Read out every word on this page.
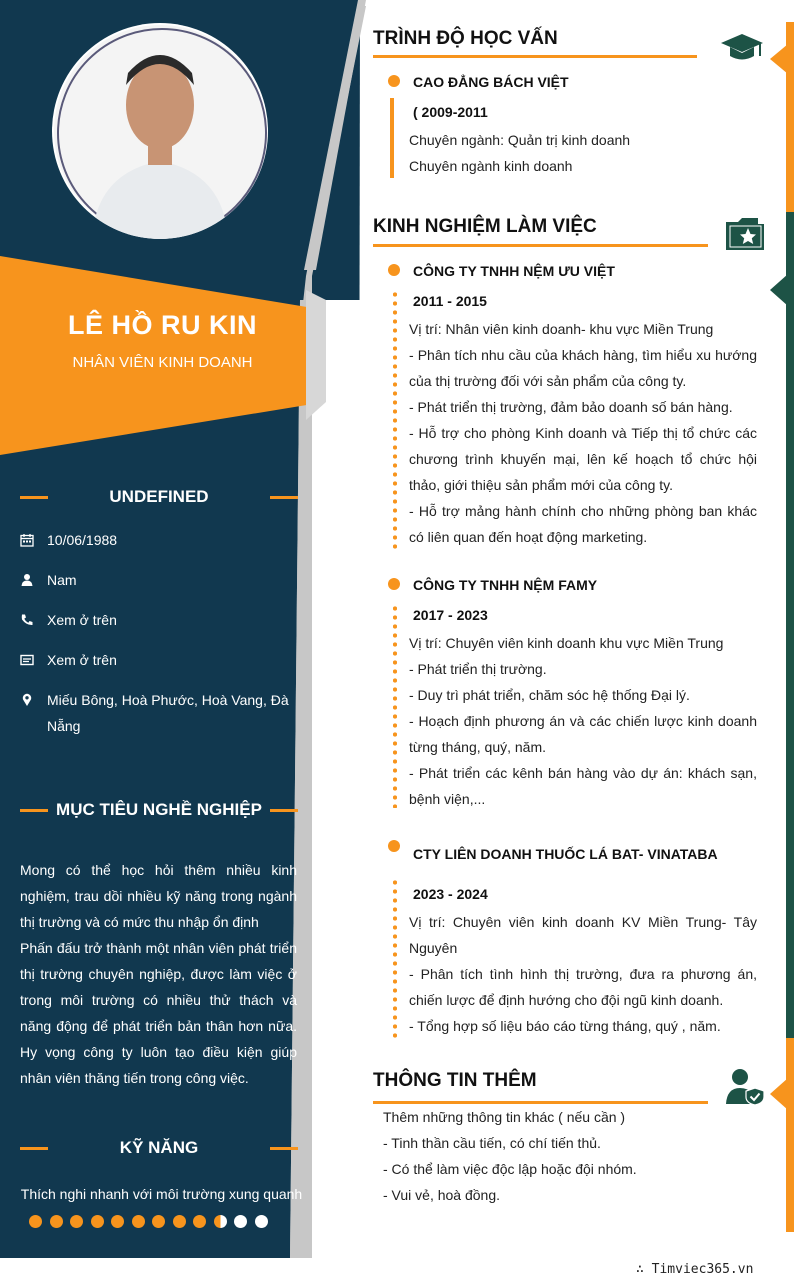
LÊ HỒ RU KIN
NHÂN VIÊN KINH DOANH
UNDEFINED
10/06/1988
Nam
Xem ở trên
Xem ở trên
Miếu Bông, Hoà Phước, Hoà Vang, Đà Nẵng
MỤC TIÊU NGHỀ NGHIỆP
Mong có thể học hỏi thêm nhiều kinh nghiệm, trau dồi nhiều kỹ năng trong ngành thị trường và có mức thu nhập ổn định
Phấn đấu trở thành một nhân viên phát triển thị trường chuyên nghiệp, được làm việc ở trong môi trường có nhiều thử thách và năng động để phát triển bản thân hơn nữa. Hy vọng công ty luôn tạo điều kiện giúp nhân viên thăng tiến trong công việc.
KỸ NĂNG
Thích nghi nhanh với môi trường xung quanh
TRÌNH ĐỘ HỌC VẤN
CAO ĐẲNG BÁCH VIỆT
( 2009-2011
Chuyên ngành: Quản trị kinh doanh
Chuyên ngành kinh doanh
KINH NGHIỆM LÀM VIỆC
CÔNG TY TNHH NỆM ƯU VIỆT
2011 - 2015
Vị trí: Nhân viên kinh doanh- khu vực Miền Trung
- Phân tích nhu cầu của khách hàng, tìm hiểu xu hướng của thị trường đối với sản phẩm của công ty.
- Phát triển thị trường, đảm bảo doanh số bán hàng.
- Hỗ trợ cho phòng Kinh doanh và Tiếp thị tổ chức các chương trình khuyến mại, lên kế hoạch tổ chức hội thảo, giới thiệu sản phẩm mới của công ty.
- Hỗ trợ mảng hành chính cho những phòng ban khác có liên quan đến hoạt động marketing.
CÔNG TY TNHH NỆM FAMY
2017 - 2023
Vị trí: Chuyên viên kinh doanh khu vực Miền Trung
- Phát triển thị trường.
- Duy trì phát triển, chăm sóc hệ thống Đại lý.
- Hoạch định phương án và các chiến lược kinh doanh từng tháng, quý, năm.
- Phát triển các kênh bán hàng vào dự án: khách sạn, bệnh viện,...
CTY LIÊN DOANH THUỐC LÁ BAT- VINATABA
2023 - 2024
Vị trí: Chuyên viên kinh doanh KV Miền Trung- Tây Nguyên
- Phân tích tình hình thị trường, đưa ra phương án, chiến lược để định hướng cho đội ngũ kinh doanh.
- Tổng hợp số liệu báo cáo từng tháng, quý , năm.
THÔNG TIN THÊM
Thêm những thông tin khác ( nếu cần )
- Tinh thần cầu tiến, có chí tiến thủ.
- Có thể làm việc độc lập hoặc đội nhóm.
- Vui vẻ, hoà đồng.
∴ Timviec365.vn
